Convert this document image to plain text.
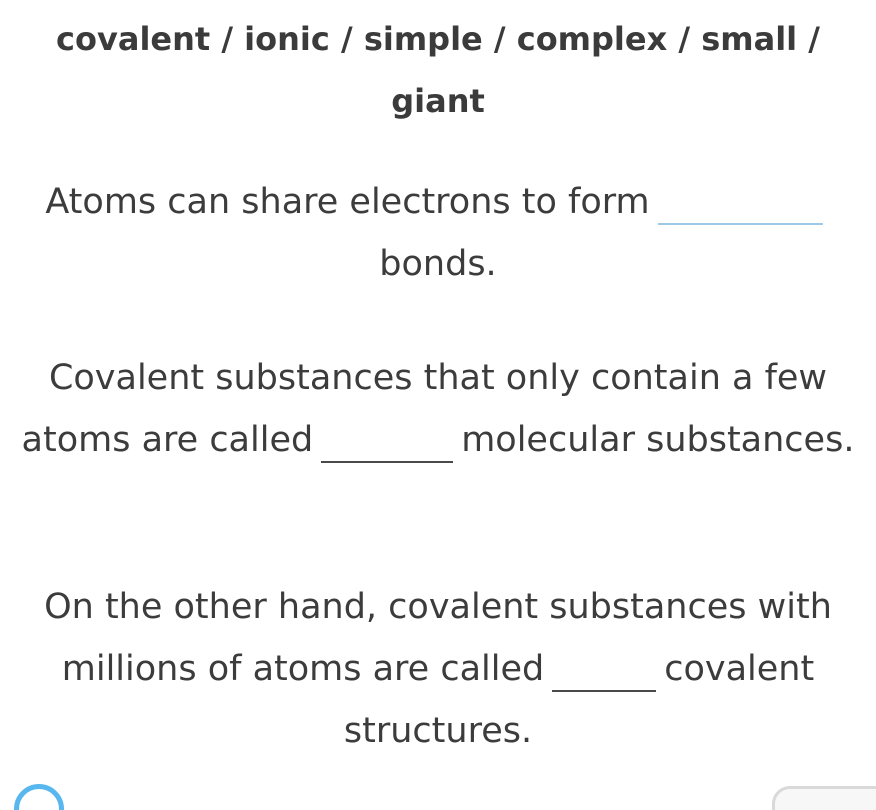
covalent / ionic / simple / complex / small / giant
Atoms can share electrons to formbonds.
Covalent substances that only contain a few atoms are called	molecular substances.
On the other hand, covalent substances with millions of atoms are called	covalent structures.
